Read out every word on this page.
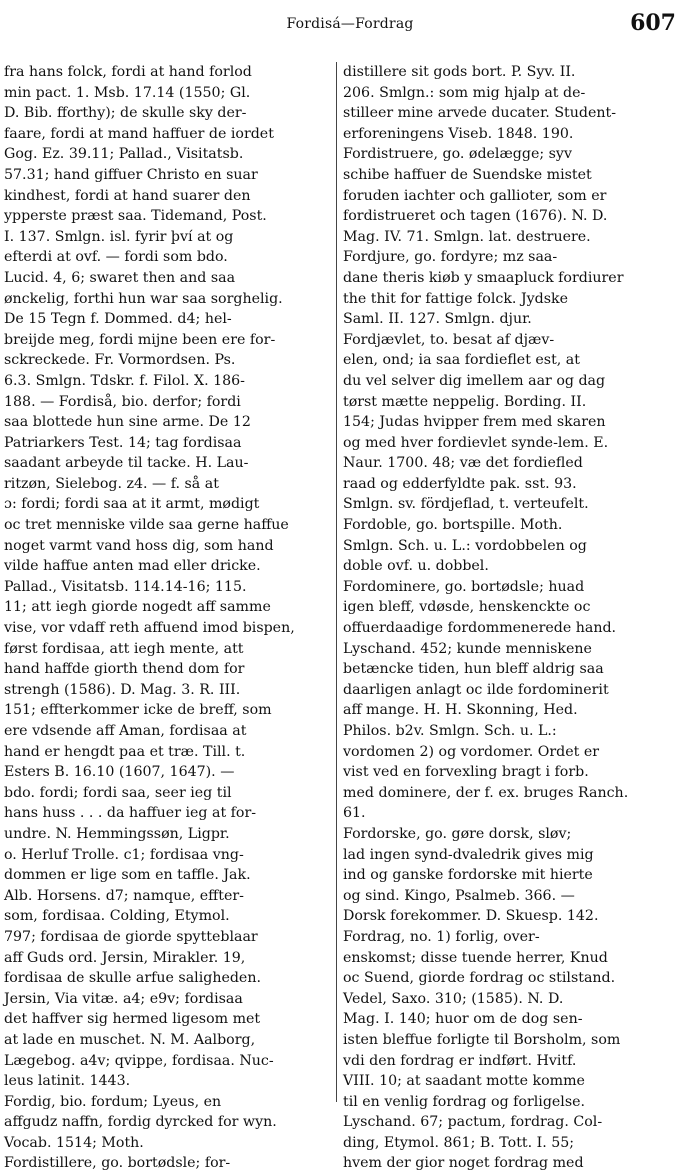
Fordisá—Fordrag	607
fra hans folck, fordi at hand forlod
min pact. 1. Msb. 17.14 (1550; Gl.
D. Bib. fforthy); de skulle sky der-
faare, fordi at mand haffuer de iordet
Gog. Ez. 39.11; Pallad., Visitatsb.
57.31; hand giffuer Christo en suar
kindhest, fordi at hand suarer den
ypperste præst saa. Tidemand, Post.
I. 137. Smlgn. isl. fyrir því at og
efterdi at ovf. — fordi som bdo.
Lucid. 4, 6; swaret then and saa
ønckelig, forthi hun war saa sorghelig.
De 15 Tegn f. Dommed. d4; hel-
breijde meg, fordi mijne been ere for-
sckreckede. Fr. Vormordsen. Ps.
6.3. Smlgn. Tdskr. f. Filol. X. 186-
188. — Fordiså, bio. derfor; fordi
saa blottede hun sine arme. De 12
Patriarkers Test. 14; tag fordisaa
saadant arbeyde til tacke. H. Lau-
ritzøn, Sielebog. z4. — f. så at
ɔ: fordi; fordi saa at it armt, mødigt
oc tret menniske vilde saa gerne haffue
noget varmt vand hoss dig, som hand
vilde haffue anten mad eller dricke.
Pallad., Visitatsb. 114.14-16; 115.
11; att iegh giorde nogedt aff samme
vise, vor vdaff reth affuend imod bispen,
først fordisaa, att iegh mente, att
hand haffde giorth thend dom for
strengh (1586). D. Mag. 3. R. III.
151; effterkommer icke de breff, som
ere vdsende aff Aman, fordisaa at
hand er hengdt paa et træ. Till. t.
Esters B. 16.10 (1607, 1647). —
bdo. fordi; fordi saa, seer ieg til
hans huss . . . da haffuer ieg at for-
undre. N. Hemmingssøn, Ligpr.
o. Herluf Trolle. c1; fordisaa vng-
dommen er lige som en taffle. Jak.
Alb. Horsens. d7; namque, effter-
som, fordisaa. Colding, Etymol.
797; fordisaa de giorde spytteblaar
aff Guds ord. Jersin, Mirakler. 19,
fordisaa de skulle arfue saligheden.
Jersin, Via vitæ. a4; e9v; fordisaa
det haffver sig hermed ligesom met
at lade en muschet. N. M. Aalborg,
Lægebog. a4v; qvippe, fordisaa. Nuc-
leus latinit. 1443.
Fordig, bio. fordum; Lyeus, en
affgudz naffn, fordig dyrcked for wyn.
Vocab. 1514; Moth.
Fordistillere, go. bortødsle; for-
distillere sit gods bort. P. Syv. II.
206. Smlgn.: som mig hjalp at de-
stilleer mine arvede ducater. Student-
erforeningens Viseb. 1848. 190.
Fordistruere, go. ødelægge; syv
schibe haffuer de Suendske mistet
foruden iachter och gallioter, som er
fordistrueret och tagen (1676). N. D.
Mag. IV. 71. Smlgn. lat. destruere.
Fordjure, go. fordyre; mz saa-
dane theris kiøb y smaapluck fordiurer
the thit for fattige folck. Jydske
Saml. II. 127. Smlgn. djur.
Fordjævlet, to. besat af djæv-
elen, ond; ia saa fordieflet est, at
du vel selver dig imellem aar og dag
tørst mætte neppelig. Bording. II.
154; Judas hvipper frem med skaren
og med hver fordievlet synde-lem. E.
Naur. 1700. 48; væ det fordiefled
raad og edderfyldte pak. sst. 93.
Smlgn. sv. fördjeflad, t. verteufelt.
Fordoble, go. bortspille. Moth.
Smlgn. Sch. u. L.: vordobbelen og
doble ovf. u. dobbel.
Fordominere, go. bortødsle; huad
igen bleff, vdøsde, henskenckte oc
offuerdaadige fordommenerede hand.
Lyschand. 452; kunde menniskene
betæncke tiden, hun bleff aldrig saa
daarligen anlagt oc ilde fordominerit
aff mange. H. H. Skonning, Hed.
Philos. b2v. Smlgn. Sch. u. L.:
vordomen 2) og vordomer. Ordet er
vist ved en forvexling bragt i forb.
med dominere, der f. ex. bruges Ranch.
61.
Fordorske, go. gøre dorsk, sløv;
lad ingen synd-dvaledrik gives mig
ind og ganske fordorske mit hierte
og sind. Kingo, Psalmeb. 366. —
Dorsk forekommer. D. Skuesp. 142.
Fordrag, no. 1) forlig, over-
enskomst; disse tuende herrer, Knud
oc Suend, giorde fordrag oc stilstand.
Vedel, Saxo. 310; (1585). N. D.
Mag. I. 140; huor om de dog sen-
isten bleffue forligte til Borsholm, som
vdi den fordrag er indført. Hvitf.
VIII. 10; at saadant motte komme
til en venlig fordrag og forligelse.
Lyschand. 67; pactum, fordrag. Col-
ding, Etymol. 861; B. Tott. I. 55;
hvem der gior noget fordrag med
